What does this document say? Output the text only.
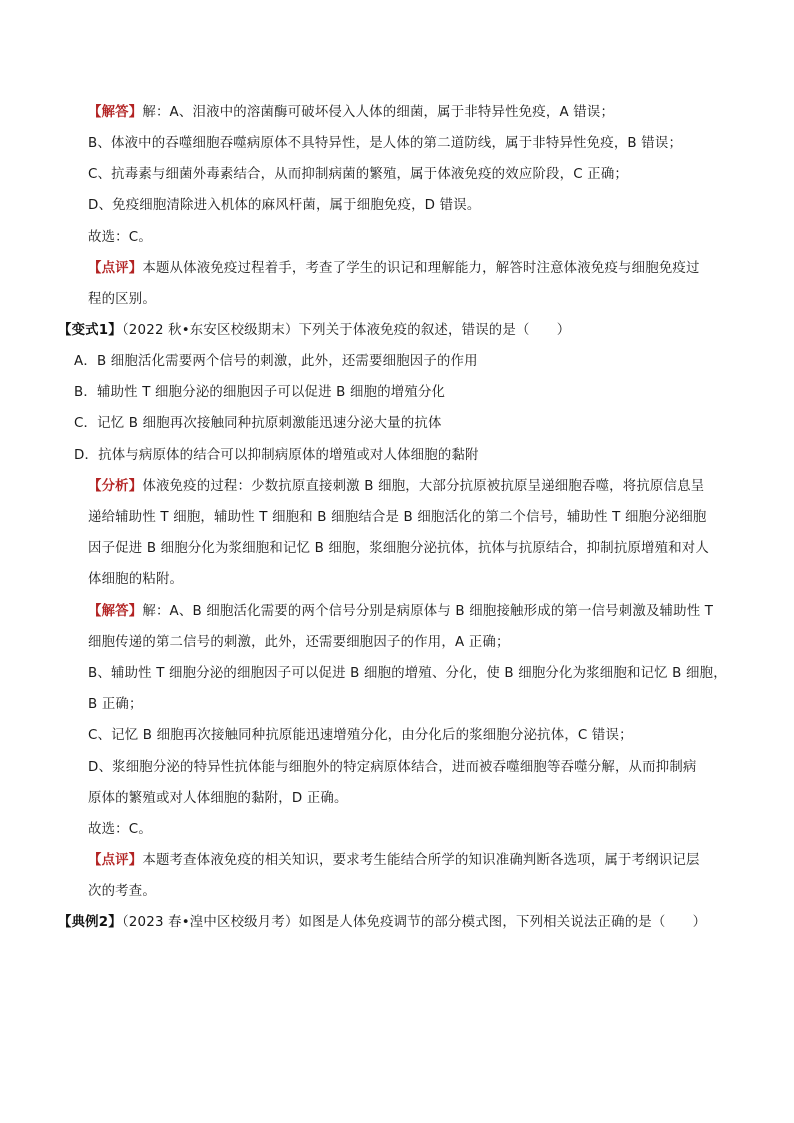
【解答】解：A、泪液中的溶菌酶可破坏侵入人体的细菌，属于非特异性免疫，A 错误；
B、体液中的吞噬细胞吞噬病原体不具特异性，是人体的第二道防线，属于非特异性免疫，B 错误；
C、抗毒素与细菌外毒素结合，从而抑制病菌的繁殖，属于体液免疫的效应阶段，C 正确；
D、免疫细胞清除进入机体的麻风杆菌，属于细胞免疫，D 错误。
故选：C。
【点评】本题从体液免疫过程着手，考查了学生的识记和理解能力，解答时注意体液免疫与细胞免疫过
程的区别。
【变式1】（2022 秋•东安区校级期末）下列关于体液免疫的叙述，错误的是（　　）
A．B 细胞活化需要两个信号的刺激，此外，还需要细胞因子的作用
B．辅助性 T 细胞分泌的细胞因子可以促进 B 细胞的增殖分化
C．记忆 B 细胞再次接触同种抗原刺激能迅速分泌大量的抗体
D．抗体与病原体的结合可以抑制病原体的增殖或对人体细胞的黏附
【分析】体液免疫的过程：少数抗原直接刺激 B 细胞，大部分抗原被抗原呈递细胞吞噬，将抗原信息呈
递给辅助性 T 细胞，辅助性 T 细胞和 B 细胞结合是 B 细胞活化的第二个信号，辅助性 T 细胞分泌细胞
因子促进 B 细胞分化为浆细胞和记忆 B 细胞，浆细胞分泌抗体，抗体与抗原结合，抑制抗原增殖和对人
体细胞的粘附。
【解答】解：A、B 细胞活化需要的两个信号分别是病原体与 B 细胞接触形成的第一信号刺激及辅助性 T
细胞传递的第二信号的刺激，此外，还需要细胞因子的作用，A 正确；
B、辅助性 T 细胞分泌的细胞因子可以促进 B 细胞的增殖、分化，使 B 细胞分化为浆细胞和记忆 B 细胞，
B 正确；
C、记忆 B 细胞再次接触同种抗原能迅速增殖分化，由分化后的浆细胞分泌抗体，C 错误；
D、浆细胞分泌的特异性抗体能与细胞外的特定病原体结合，进而被吞噬细胞等吞噬分解，从而抑制病
原体的繁殖或对人体细胞的黏附，D 正确。
故选：C。
【点评】本题考查体液免疫的相关知识，要求考生能结合所学的知识准确判断各选项，属于考纲识记层
次的考查。
【典例2】（2023 春•湟中区校级月考）如图是人体免疫调节的部分模式图，下列相关说法正确的是（　　）
